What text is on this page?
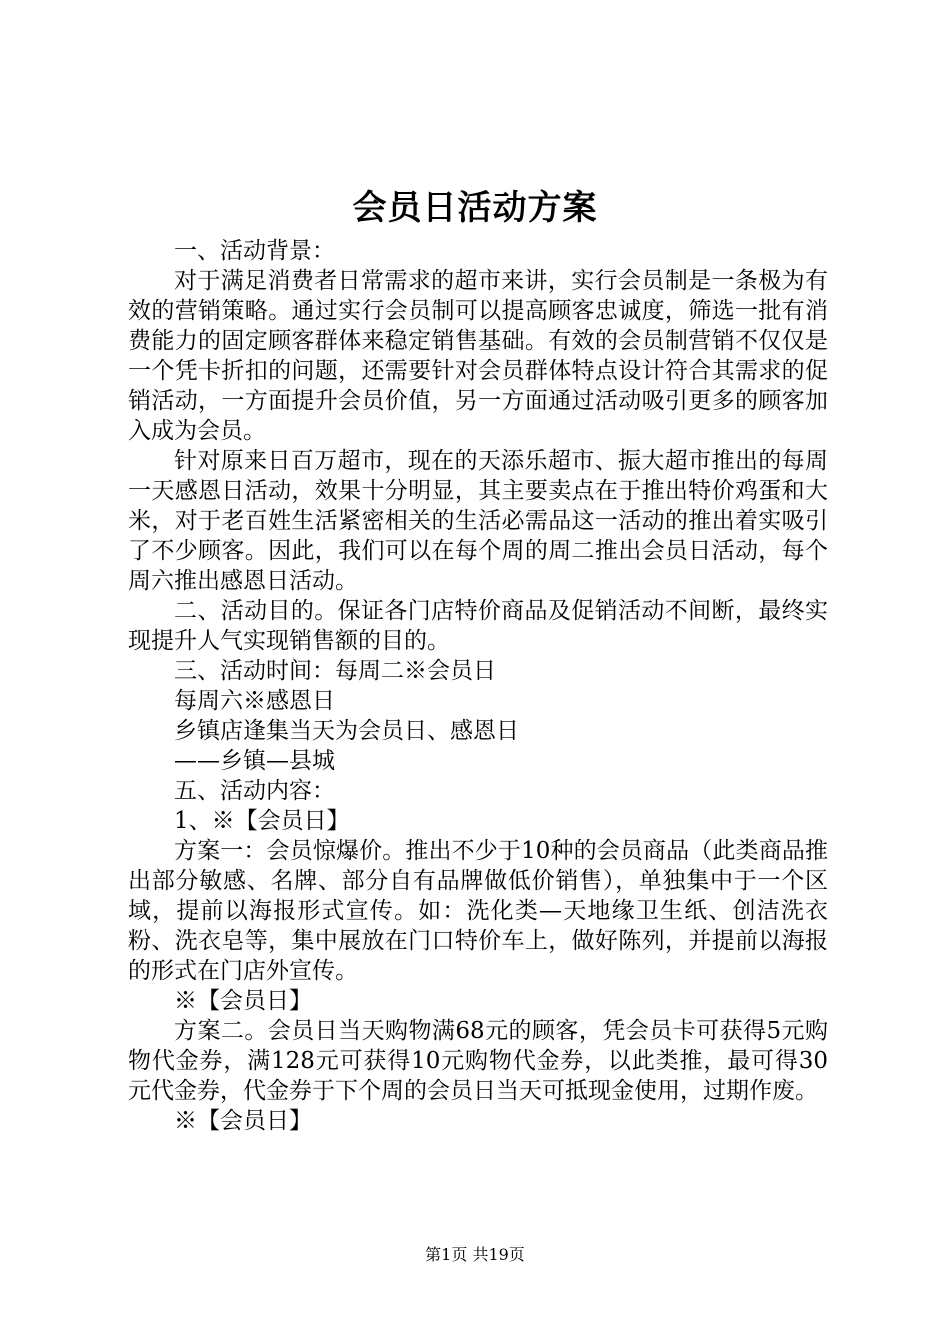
会员日活动方案

一、活动背景：

对于满足消费者日常需求的超市来讲，实行会员制是一条极为有效的营销策略。通过实行会员制可以提高顾客忠诚度，筛选一批有消费能力的固定顾客群体来稳定销售基础。有效的会员制营销不仅仅是一个凭卡折扣的问题，还需要针对会员群体特点设计符合其需求的促销活动，一方面提升会员价值，另一方面通过活动吸引更多的顾客加入成为会员。

针对原来日百万超市，现在的天添乐超市、振大超市推出的每周一天感恩日活动，效果十分明显，其主要卖点在于推出特价鸡蛋和大米，对于老百姓生活紧密相关的生活必需品这一活动的推出着实吸引了不少顾客。因此，我们可以在每个周的周二推出会员日活动，每个周六推出感恩日活动。

二、活动目的。保证各门店特价商品及促销活动不间断，最终实现提升人气实现销售额的目的。

三、活动时间：每周二※会员日

每周六※感恩日

乡镇店逢集当天为会员日、感恩日

——乡镇—县城

五、活动内容：

1、※【会员日】

方案一：会员惊爆价。推出不少于10种的会员商品（此类商品推出部分敏感、名牌、部分自有品牌做低价销售），单独集中于一个区域，提前以海报形式宣传。如：洗化类—天地缘卫生纸、创洁洗衣粉、洗衣皂等，集中展放在门口特价车上，做好陈列，并提前以海报的形式在门店外宣传。

※【会员日】

方案二。会员日当天购物满68元的顾客，凭会员卡可获得5元购物代金券，满128元可获得10元购物代金券，以此类推，最可得30元代金券，代金券于下个周的会员日当天可抵现金使用，过期作废。

※【会员日】

第1页 共19页
